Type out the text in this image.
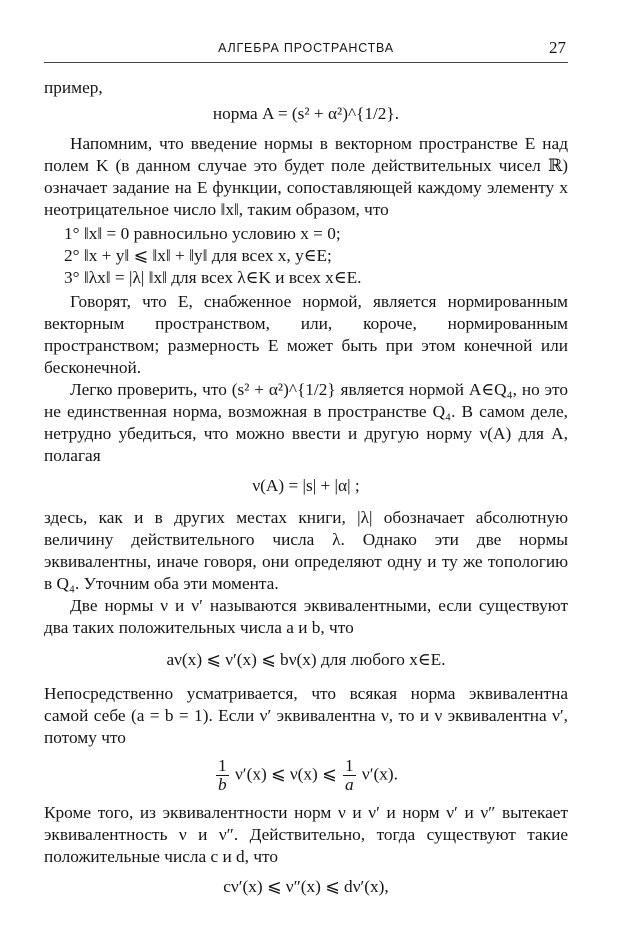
АЛГЕБРА ПРОСТРАНСТВА	27

пример,

норма A = (s² + α²)^{1/2}.

Напомним, что введение нормы в векторном пространстве E над полем K (в данном случае это будет поле действительных чисел ℝ) означает задание на E функции, сопоставляющей каждому элементу x неотрицательное число ‖x‖, таким образом, что

1° ‖x‖ = 0 равносильно условию x = 0;

2° ‖x + y‖ ⩽ ‖x‖ + ‖y‖ для всех x, y∈E;

3° ‖λx‖ = |λ| ‖x‖ для всех λ∈K и всех x∈E.

Говорят, что E, снабженное нормой, является нормированным векторным пространством, или, короче, нормированным пространством; размерность E может быть при этом конечной или бесконечной.

Легко проверить, что (s² + α²)^{1/2} является нормой A∈Q₄, но это не единственная норма, возможная в пространстве Q₄. В самом деле, нетрудно убедиться, что можно ввести и другую норму ν(A) для A, полагая

ν(A) = |s| + |α| ;

здесь, как и в других местах книги, |λ| обозначает абсолютную величину действительного числа λ. Однако эти две нормы эквивалентны, иначе говоря, они определяют одну и ту же топологию в Q₄. Уточним оба эти момента.

Две нормы ν и ν′ называются эквивалентными, если существуют два таких положительных числа a и b, что

aν(x) ⩽ ν′(x) ⩽ bν(x) для любого x∈E.

Непосредственно усматривается, что всякая норма эквивалентна самой себе (a = b = 1). Если ν′ эквивалентна ν, то и ν эквивалентна ν′, потому что

$\frac{1}{b} \nu'(x)$ ⩽ ν(x) ⩽ $\frac{1}{a} \nu'(x)$.

Кроме того, из эквивалентности норм ν и ν′ и норм ν′ и ν″ вытекает эквивалентность ν и ν″. Действительно, тогда существуют такие положительные числа c и d, что

cν′(x) ⩽ ν″(x) ⩽ dν′(x),
